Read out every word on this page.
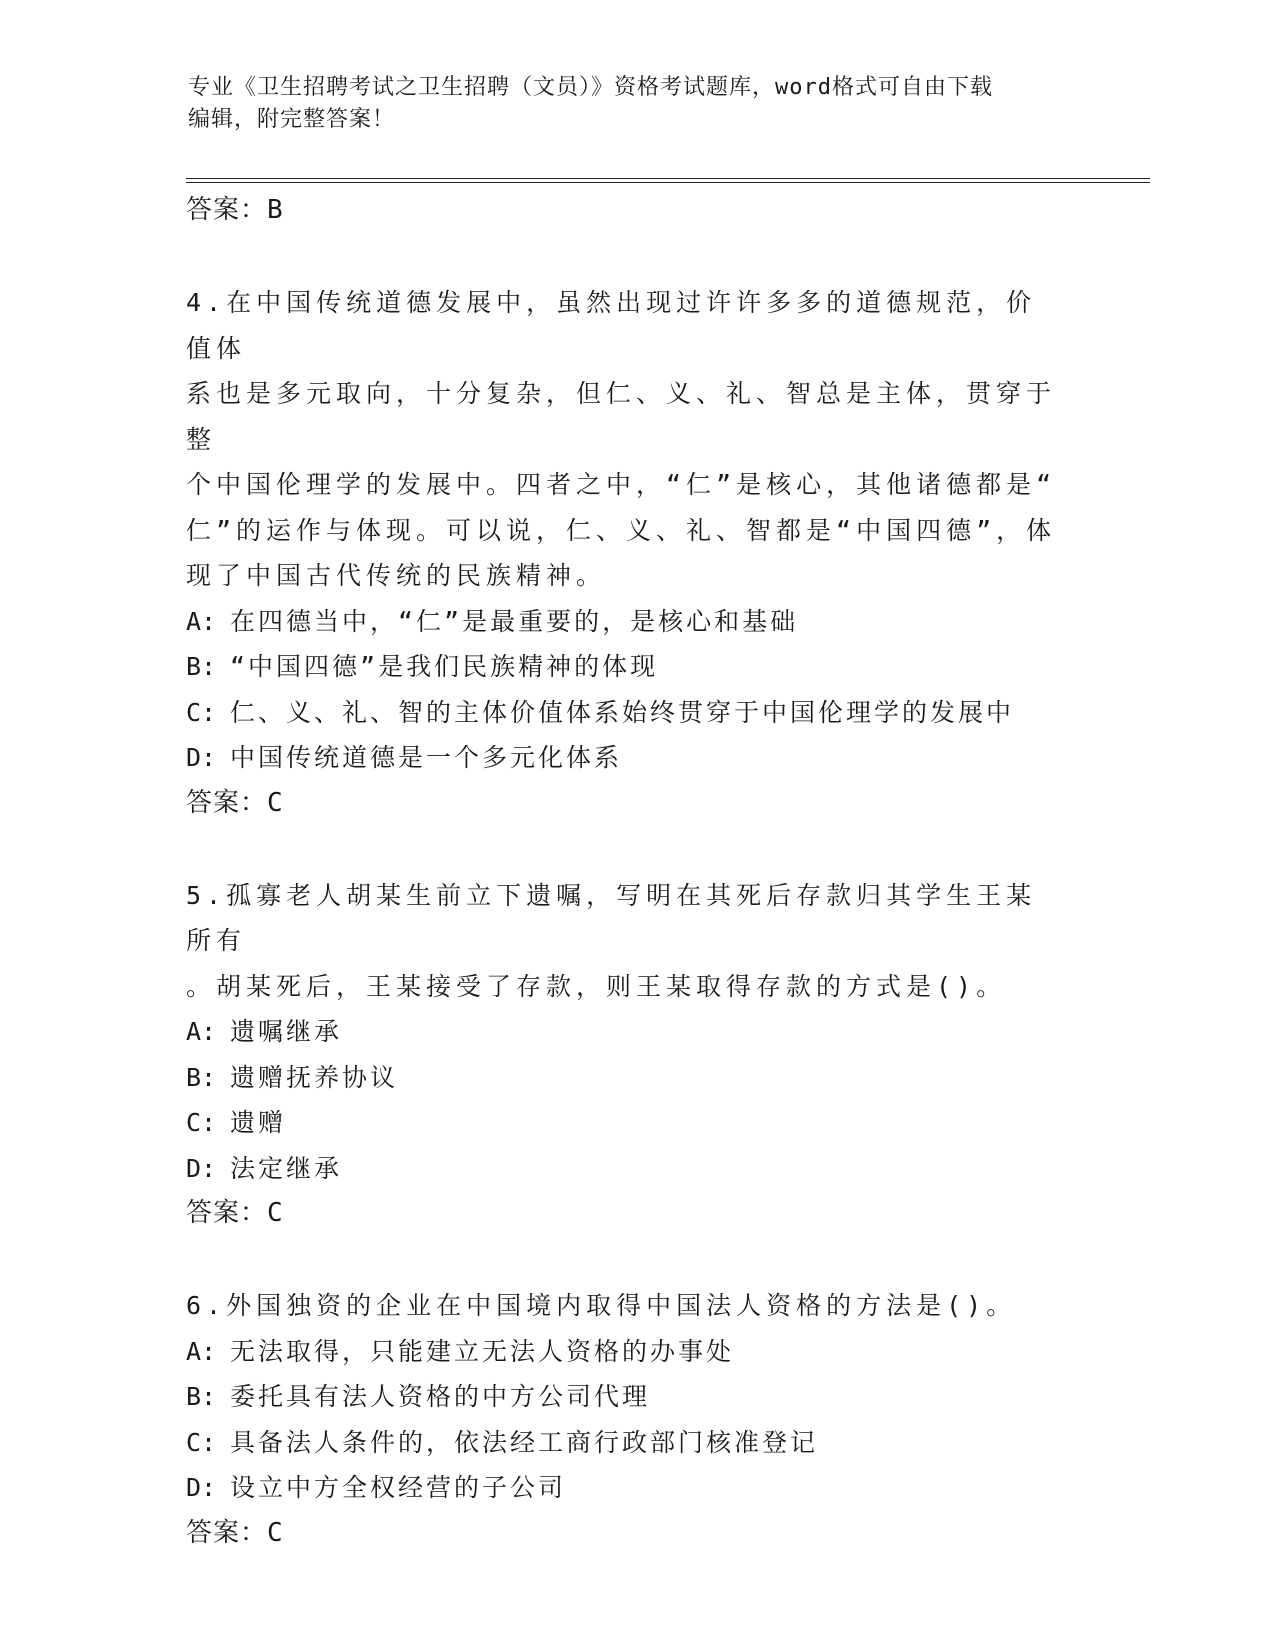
专业《卫生招聘考试之卫生招聘（文员）》资格考试题库，word格式可自由下载
编辑，附完整答案！

答案：B

4.在中国传统道德发展中，虽然出现过许许多多的道德规范，价值体

系也是多元取向，十分复杂，但仁、义、礼、智总是主体，贯穿于整

个中国伦理学的发展中。四者之中，“仁”是核心，其他诸德都是“

仁”的运作与体现。可以说，仁、义、礼、智都是“中国四德”，体

现了中国古代传统的民族精神。

A: 在四德当中，“仁”是最重要的，是核心和基础

B: “中国四德”是我们民族精神的体现

C: 仁、义、礼、智的主体价值体系始终贯穿于中国伦理学的发展中

D: 中国传统道德是一个多元化体系

答案：C

5.孤寡老人胡某生前立下遗嘱，写明在其死后存款归其学生王某所有

。胡某死后，王某接受了存款，则王某取得存款的方式是()。

A: 遗嘱继承

B: 遗赠抚养协议

C: 遗赠

D: 法定继承

答案：C

6.外国独资的企业在中国境内取得中国法人资格的方法是()。

A: 无法取得，只能建立无法人资格的办事处

B: 委托具有法人资格的中方公司代理

C: 具备法人条件的，依法经工商行政部门核准登记

D: 设立中方全权经营的子公司

答案：C
